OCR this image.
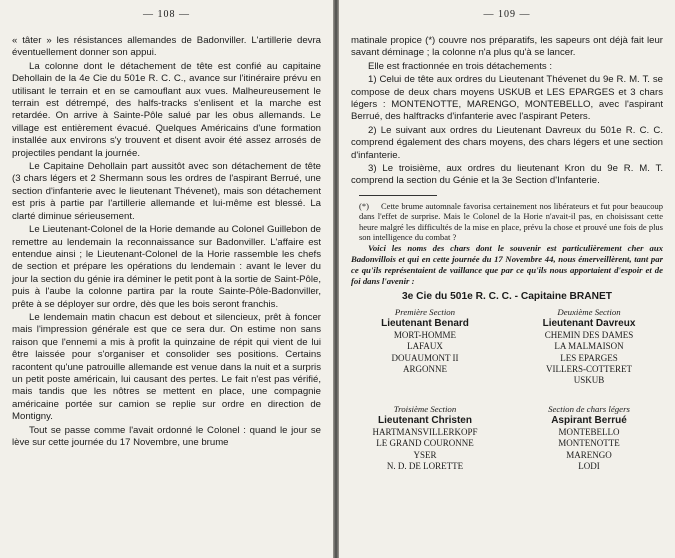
— 108 —

« tâter » les résistances allemandes de Badonviller. L'artillerie devra éventuellement donner son appui.

La colonne dont le détachement de tête est confié au capitaine Dehollain de la 4e Cie du 501e R. C. C., avance sur l'itinéraire prévu en utilisant le terrain et en se camouflant aux vues. Malheureusement le terrain est détrempé, des halfs-tracks s'enlisent et la marche est retardée. On arrive à Sainte-Pôle salué par les obus allemands. Le village est entièrement évacué. Quelques Américains d'une formation installée aux environs s'y trouvent et disent avoir été assez arrosés de projectiles pendant la journée.

Le Capitaine Dehollain part aussitôt avec son détachement de tête (3 chars légers et 2 Shermann sous les ordres de l'aspirant Berrué, une section d'infanterie avec le lieutenant Thévenet), mais son détachement est pris à partie par l'artillerie allemande et lui-même est blessé. La clarté diminue sérieusement.

Le Lieutenant-Colonel de la Horie demande au Colonel Guillebon de remettre au lendemain la reconnaissance sur Badonviller. L'affaire est entendue ainsi ; le Lieutenant-Colonel de la Horie rassemble les chefs de section et prépare les opérations du lendemain : avant le lever du jour la section du génie ira déminer le petit pont à la sortie de Saint-Pôle, puis à l'aube la colonne partira par la route Sainte-Pôle-Badonviller, prête à se déployer sur ordre, dès que les bois seront franchis.

Le lendemain matin chacun est debout et silencieux, prêt à foncer mais l'impression générale est que ce sera dur. On estime non sans raison que l'ennemi a mis à profit la quinzaine de répit qui vient de lui être laissée pour s'organiser et consolider ses positions. Certains racontent qu'une patrouille allemande est venue dans la nuit et a surpris un petit poste américain, lui causant des pertes. Le fait n'est pas vérifié, mais tandis que les nôtres se mettent en place, une compagnie américaine portée sur camion se replie sur ordre en direction de Montigny.

Tout se passe comme l'avait ordonné le Colonel : quand le jour se lève sur cette journée du 17 Novembre, une brume

— 109 —

matinale propice (*) couvre nos préparatifs, les sapeurs ont déjà fait leur savant déminage ; la colonne n'a plus qu'à se lancer.

Elle est fractionnée en trois détachements :

1) Celui de tête aux ordres du Lieutenant Thévenet du 9e R. M. T. se compose de deux chars moyens USKUB et LES EPARGES et 3 chars légers : MONTENOTTE, MARENGO, MONTEBELLO, avec l'aspirant Berrué, des halftracks d'infanterie avec l'aspirant Peters.

2) Le suivant aux ordres du Lieutenant Davreux du 501e R. C. C. comprend également des chars moyens, des chars légers et une section d'infanterie.

3) Le troisième, aux ordres du lieutenant Kron du 9e R. M. T. comprend la section du Génie et la 3e Section d'Infanterie.

(*) Cette brume automnale favorisa certainement nos libérateurs et fut pour beaucoup dans l'effet de surprise. Mais le Colonel de la Horie n'avait-il pas, en choisissant cette heure malgré les difficultés de la mise en place, prévu la chose et prouvé une fois de plus son intelligence du combat ?

Voici les noms des chars dont le souvenir est particulièrement cher aux Badonvillois et qui en cette journée du 17 Novembre 44, nous émerveillèrent, tant par ce qu'ils représentaient de vaillance que par ce qu'ils nous apportaient d'espoir et de foi dans l'avenir :

3e Cie du 501e R. C. C. - Capitaine BRANET
Première Section
Lieutenant Benard
MORT-HOMME
LAFAUX
DOUAUMONT II
ARGONNE
Deuxième Section
Lieutenant Davreux
CHEMIN DES DAMES
LA MALMAISON
LES EPARGES
VILLERS-COTTERET
USKUB
Troisième Section
Lieutenant Christen
HARTMANSVILLERKOPF
LE GRAND COURONNE
YSER
N. D. DE LORETTE
Section de chars légers
Aspirant Berrué
MONTEBELLO
MONTENOTTE
MARENGO
LODI
